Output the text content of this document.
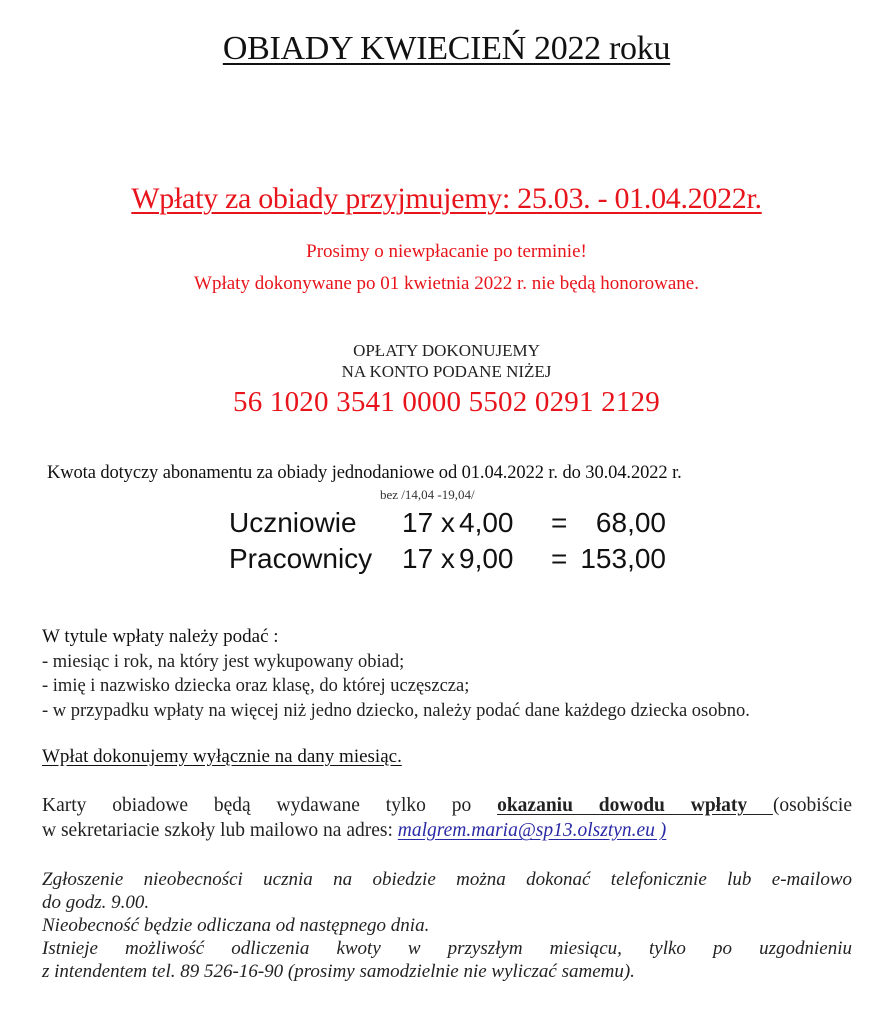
OBIADY KWIECIEŃ 2022 roku
Wpłaty za obiady przyjmujemy: 25.03. - 01.04.2022r.
Prosimy o niewpłacanie po terminie!
Wpłaty dokonywane po 01 kwietnia 2022 r. nie będą honorowane.
OPŁATY DOKONUJEMY
NA KONTO PODANE NIŻEJ
56 1020 3541 0000 5502 0291 2129
Kwota dotyczy abonamentu za obiady jednodaniowe od 01.04.2022 r. do 30.04.2022 r.
bez /14,04 -19,04/
Uczniowie 17 x 4,00 =	68,00
Pracownicy 17 x 9,00 = 153,00
W tytule wpłaty należy podać :
- miesiąc i rok, na który jest wykupowany obiad;
- imię i nazwisko dziecka oraz klasę, do której uczęszcza;
- w przypadku wpłaty na więcej niż jedno dziecko, należy podać dane każdego dziecka osobno.
Wpłat dokonujemy wyłącznie na dany miesiąc.
Karty obiadowe będą wydawane tylko po okazaniu dowodu wpłaty (osobiście
w sekretariacie szkoły lub mailowo na adres: malgrem.maria@sp13.olsztyn.eu )
Zgłoszenie nieobecności ucznia na obiedzie można dokonać telefonicznie lub e-mailowo
do godz. 9.00.
Nieobecność będzie odliczana od następnego dnia.
Istnieje możliwość odliczenia kwoty w przyszłym miesiącu, tylko po uzgodnieniu
z intendentem tel. 89 526-16-90 (prosimy samodzielnie nie wyliczać samemu).
